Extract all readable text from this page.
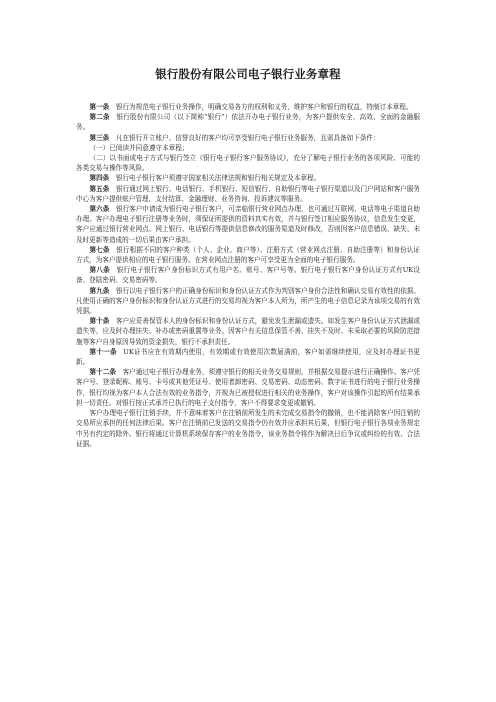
银行股份有限公司电子银行业务章程

第一条  银行为规范电子银行业务操作，明确交易各方的权利和义务，维护客户和银行的权益，特制订本章程。

第二条  银行股份有限公司（以下简称“银行”）依法开办电子银行业务，为客户提供安全、高效、全面的金融服务。

第三条  凡在银行开立账户、信誉良好的客户均可享受银行电子银行业务服务，且需具备如下条件：

（一）已阅读并同意遵守本章程；

（二）以书面或电子方式与银行签立《银行电子银行客户服务协议》，充分了解电子银行业务的各项风险、可能的各类交易与操作等风险。

第四条  银行电子银行客户须遵守国家相关法律法规和银行相关规定及本章程。

第五条  银行通过网上银行、电话银行、手机银行、短信银行、自助银行等电子银行渠道以及门户网站和客户服务中心为客户提供账户管理、支付结算、金融理财、业务咨询、投诉建议等服务。

第六条  银行客户申请成为银行电子银行客户，可亲临银行营业网点办理，也可通过互联网、电话等电子渠道自助办理。客户办理电子银行注册等业务时，须保证所提供的资料真实有效，并与银行签订相应服务协议，信息发生变更，客户应通过银行营业网点、网上银行、电话银行等提供信息修改的服务渠道及时修改，否则因客户信息错误、缺失、未及时更新等造成的一切后果由客户承担。

第七条  银行根据不同的客户种类（个人、企业、商户等）、注册方式（营业网点注册、自助注册等）和身份认证方式，为客户提供相应的电子银行服务。在营业网点注册的客户可享受更为全面的电子银行服务。

第八条  银行电子银行客户身份标识方式有用户名、账号、客户号等。银行电子银行客户身份认证方式有UK设备、登陆密码、交易密码等。

第九条  银行以电子银行客户的正确身份标识和身份认证方式作为判别客户身份合法性和确认交易有效性的依据。凡使用正确的客户身份标识和身份认证方式进行的交易均视为客户本人所为，所产生的电子信息记录为该项交易的有效凭据。

第十条  客户应妥善保管本人的身份标识和身份认证方式，避免发生泄漏或遗失。如发生客户身份认证方式泄漏或遗失等，应及时办理挂失、补办或密码重置等业务。因客户有关信息保管不善、挂失不及时、未采取必要的风险防范措施等客户自身原因导致的资金损失，银行不承担责任。

第十一条  UK证书应在有效期内使用，有效期或有效使用次数届满前，客户如需继续使用，应及时办理证书更新。

第十二条  客户通过电子银行办理业务，须遵守银行的相关业务交易规则，并根据交易提示进行正确操作。客户凭客户号、登录昵称、账号、卡号或其他凭证号、使用者卸密码、交易密码、动态密码、数字证书进行的电子银行业务操作，银行均视为客户本人合法有效的业务指令，并视为已被授权进行相关的业务操作，客户对该操作引起的所有结果承担一切责任。对银行按正式承并已执行的电子支付指令，客户不得要求变更或撤销。

客户办理电子银行注销手续，并不意味着客户在注销前所发生的未完成交易指令的撤销，也不能消除客户因注销的交易所应承担的任何法律后果。客户在注销前已发送的交易指令仍有效并应承担其后果，但银行电子银行各项业务规定中另有约定的除外。银行将通过计算机系统保存客户的业务指令，该业务指令将作为解决日后争议或纠纷的有效、合法证据。
